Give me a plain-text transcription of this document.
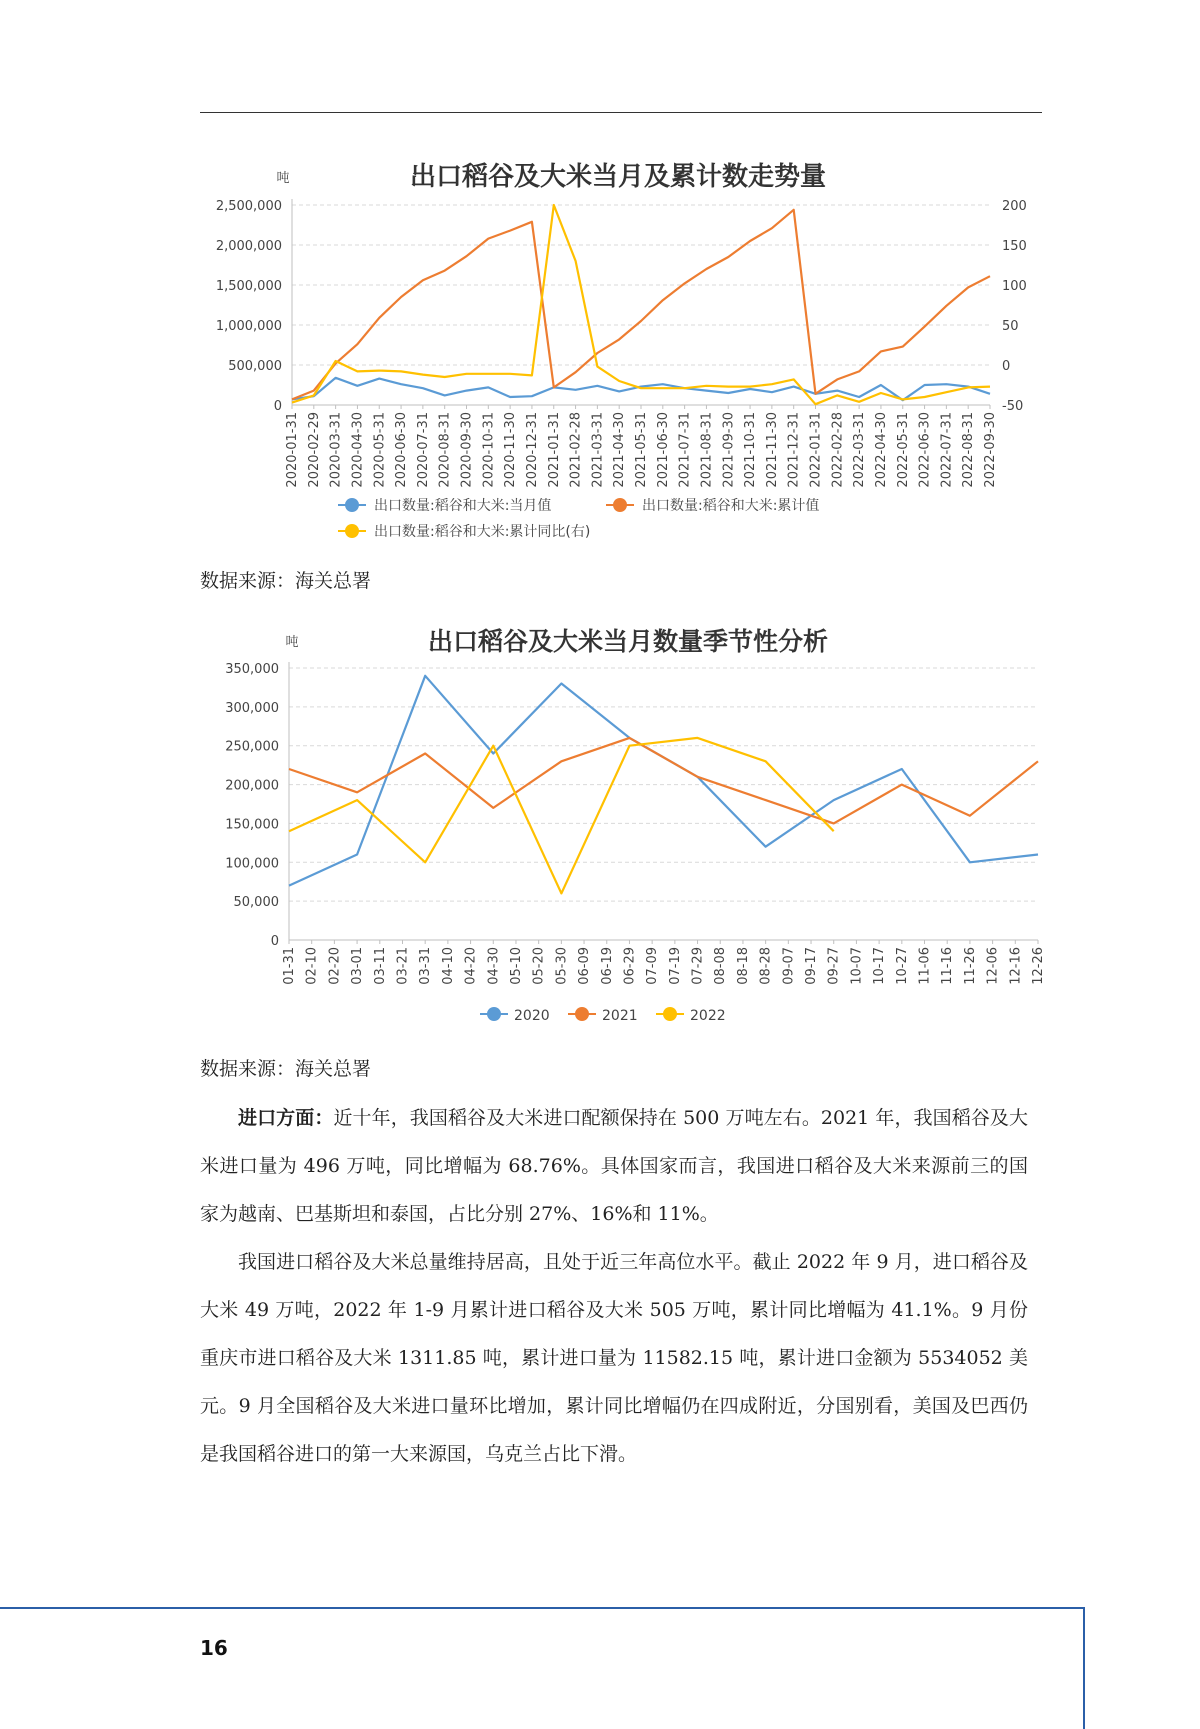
出口稻谷及大米当月及累计数走势量
吨
2,500,000
2,000,000
1,500,000
1,000,000
500,000
0
200
150
100
50
0
-50
2020-01-31 2020-02-29 2020-03-31 2020-04-30 2020-05-31 2020-06-30 2020-07-31 2020-08-31 2020-09-30 2020-10-31 2020-11-30 2020-12-31 2021-01-31 2021-02-28 2021-03-31 2021-04-30 2021-05-31 2021-06-30 2021-07-31 2021-08-31 2021-09-30 2021-10-31 2021-11-30 2021-12-31 2022-01-31 2022-02-28 2022-03-31 2022-04-30 2022-05-31 2022-06-30 2022-07-31 2022-08-31 2022-09-30
出口数量:稻谷和大米:当月值	出口数量:稻谷和大米:累计值
出口数量:稻谷和大米:累计同比(右)
数据来源：海关总署
出口稻谷及大米当月数量季节性分析
吨
350,000
300,000
250,000
200,000
150,000
100,000
50,000
0
01-31 02-10 02-20 03-01 03-11 03-21 03-31 04-10 04-20 04-30 05-10 05-20 05-30 06-09 06-19 06-29 07-09 07-19 07-29 08-08 08-18 08-28 09-07 09-17 09-27 10-07 10-17 10-27 11-06 11-16 11-26 12-06 12-16 12-26
2020	2021	2022
数据来源：海关总署

进口方面：近十年，我国稻谷及大米进口配额保持在 500 万吨左右。2021 年，我国稻谷及大米进口量为 496 万吨，同比增幅为 68.76%。具体国家而言，我国进口稻谷及大米来源前三的国家为越南、巴基斯坦和泰国，占比分别 27%、16%和 11%。

我国进口稻谷及大米总量维持居高，且处于近三年高位水平。截止 2022 年 9 月，进口稻谷及大米 49 万吨，2022 年 1-9 月累计进口稻谷及大米 505 万吨，累计同比增幅为 41.1%。9 月份重庆市进口稻谷及大米 1311.85 吨，累计进口量为 11582.15 吨，累计进口金额为 5534052 美元。9 月全国稻谷及大米进口量环比增加，累计同比增幅仍在四成附近，分国别看，美国及巴西仍是我国稻谷进口的第一大来源国，乌克兰占比下滑。

16
